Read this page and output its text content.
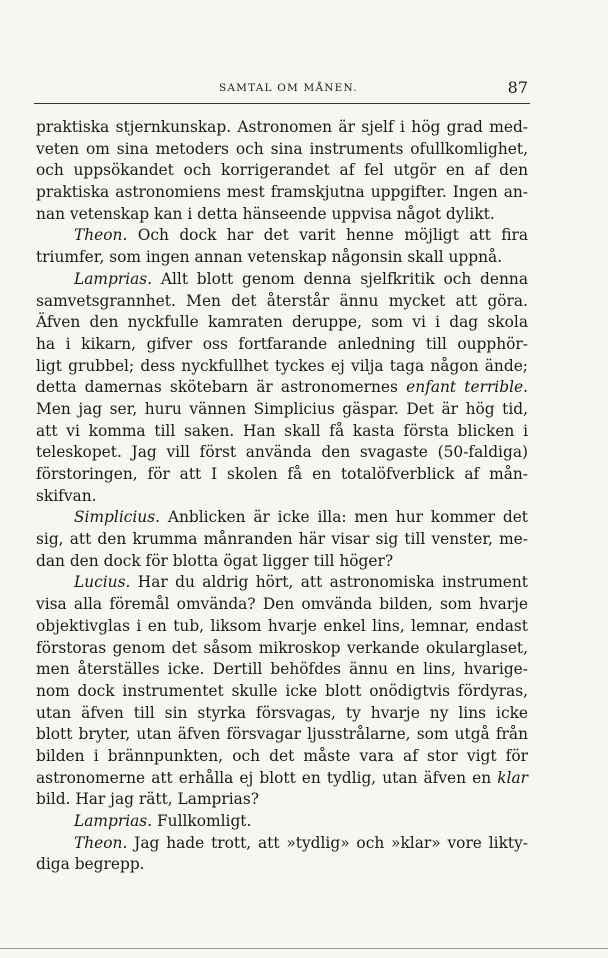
SAMTAL OM MÅNEN.	87
praktiska stjernkunskap. Astronomen är sjelf i hög grad med-
veten om sina metoders och sina instruments ofullkomlighet,
och uppsökandet och korrigerandet af fel utgör en af den
praktiska astronomiens mest framskjutna uppgifter. Ingen an-
nan vetenskap kan i detta hänseende uppvisa något dylikt.
Theon. Och dock har det varit henne möjligt att fira
triumfer, som ingen annan vetenskap någonsin skall uppnå.
Lamprias. Allt blott genom denna sjelfkritik och denna
samvetsgrannhet. Men det återstår ännu mycket att göra.
Äfven den nyckfulle kamraten deruppe, som vi i dag skola
ha i kikarn, gifver oss fortfarande anledning till oupphör-
ligt grubbel; dess nyckfullhet tyckes ej vilja taga någon ände;
detta damernas skötebarn är astronomernes enfant terrible.
Men jag ser, huru vännen Simplicius gäspar. Det är hög tid,
att vi komma till saken. Han skall få kasta första blicken i
teleskopet. Jag vill först använda den svagaste (50-faldiga)
förstoringen, för att I skolen få en totalöfverblick af mån-
skifvan.
Simplicius. Anblicken är icke illa: men hur kommer det
sig, att den krumma månranden här visar sig till venster, me-
dan den dock för blotta ögat ligger till höger?
Lucius. Har du aldrig hört, att astronomiska instrument
visa alla föremål omvända? Den omvända bilden, som hvarje
objektivglas i en tub, liksom hvarje enkel lins, lemnar, endast
förstoras genom det såsom mikroskop verkande okularglaset,
men återställes icke. Dertill behöfdes ännu en lins, hvarige-
nom dock instrumentet skulle icke blott onödigtvis fördyras,
utan äfven till sin styrka försvagas, ty hvarje ny lins icke
blott bryter, utan äfven försvagar ljusstrålarne, som utgå från
bilden i brännpunkten, och det måste vara af stor vigt för
astronomerne att erhålla ej blott en tydlig, utan äfven en klar
bild. Har jag rätt, Lamprias?
Lamprias. Fullkomligt.
Theon. Jag hade trott, att »tydlig» och »klar» vore likty-
diga begrepp.
